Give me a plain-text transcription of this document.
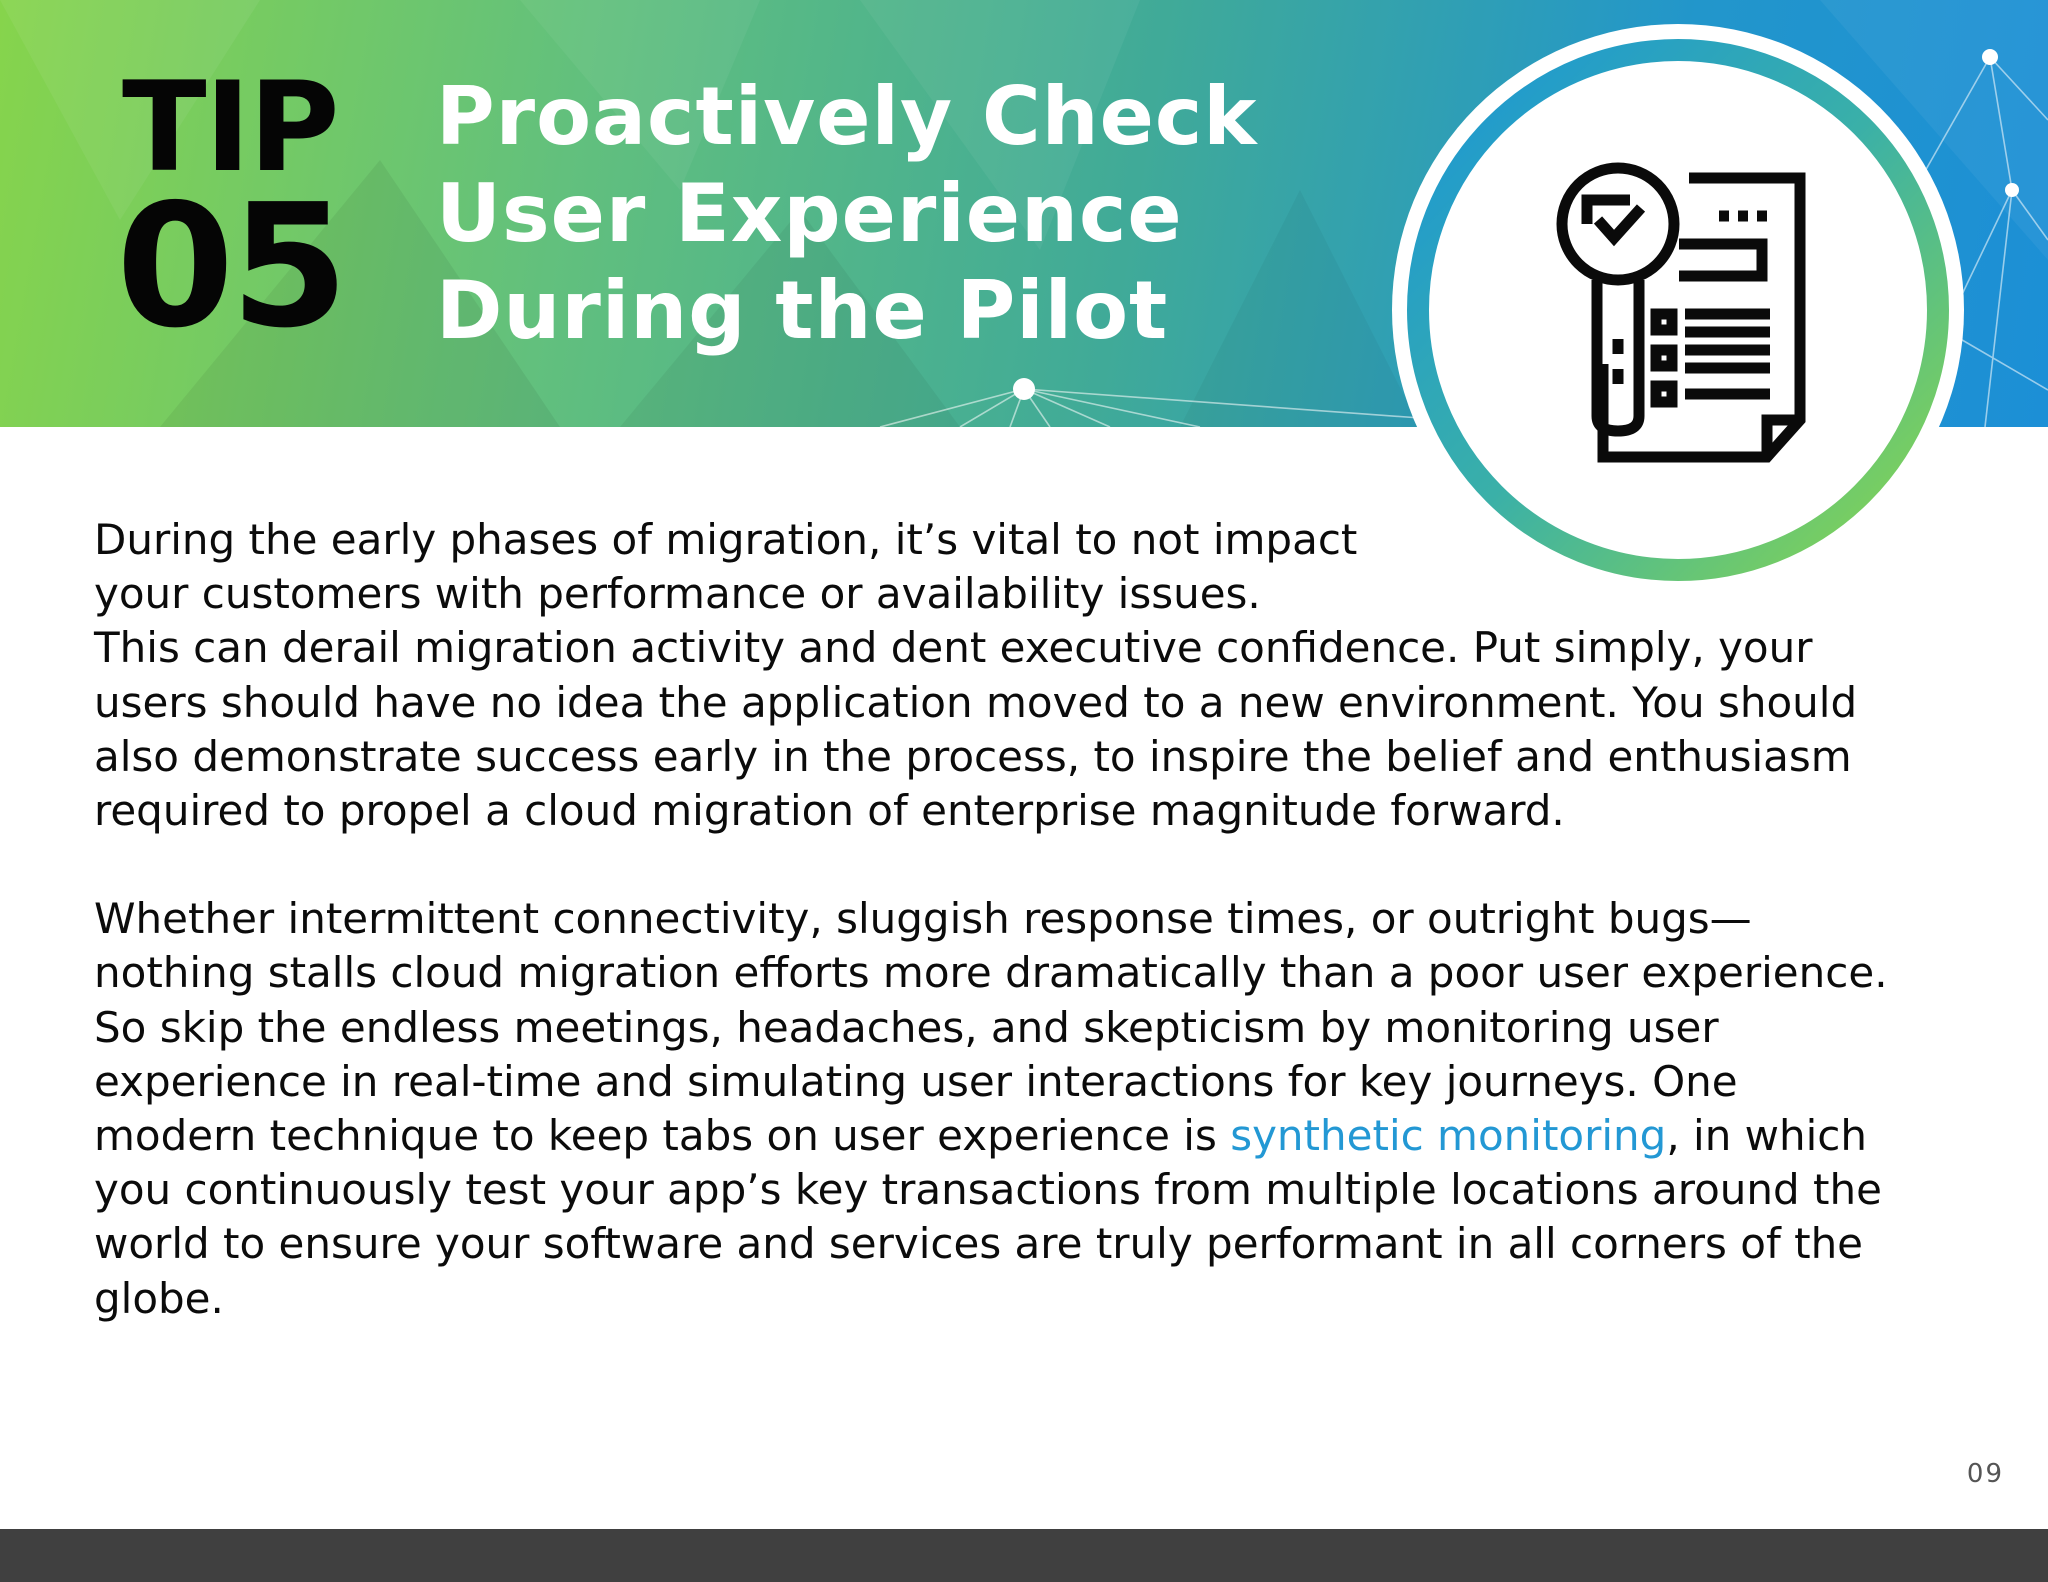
TIP
05
Proactively Check
User Experience
During the Pilot

During the early phases of migration, it’s vital to not impact
your customers with performance or availability issues.
This can derail migration activity and dent executive confidence. Put simply, your
users should have no idea the application moved to a new environment. You should
also demonstrate success early in the process, to inspire the belief and enthusiasm
required to propel a cloud migration of enterprise magnitude forward.

Whether intermittent connectivity, sluggish response times, or outright bugs—
nothing stalls cloud migration efforts more dramatically than a poor user experience.
So skip the endless meetings, headaches, and skepticism by monitoring user
experience in real-time and simulating user interactions for key journeys. One
modern technique to keep tabs on user experience is synthetic monitoring, in which
you continuously test your app’s key transactions from multiple locations around the
world to ensure your software and services are truly performant in all corners of the
globe.

09
